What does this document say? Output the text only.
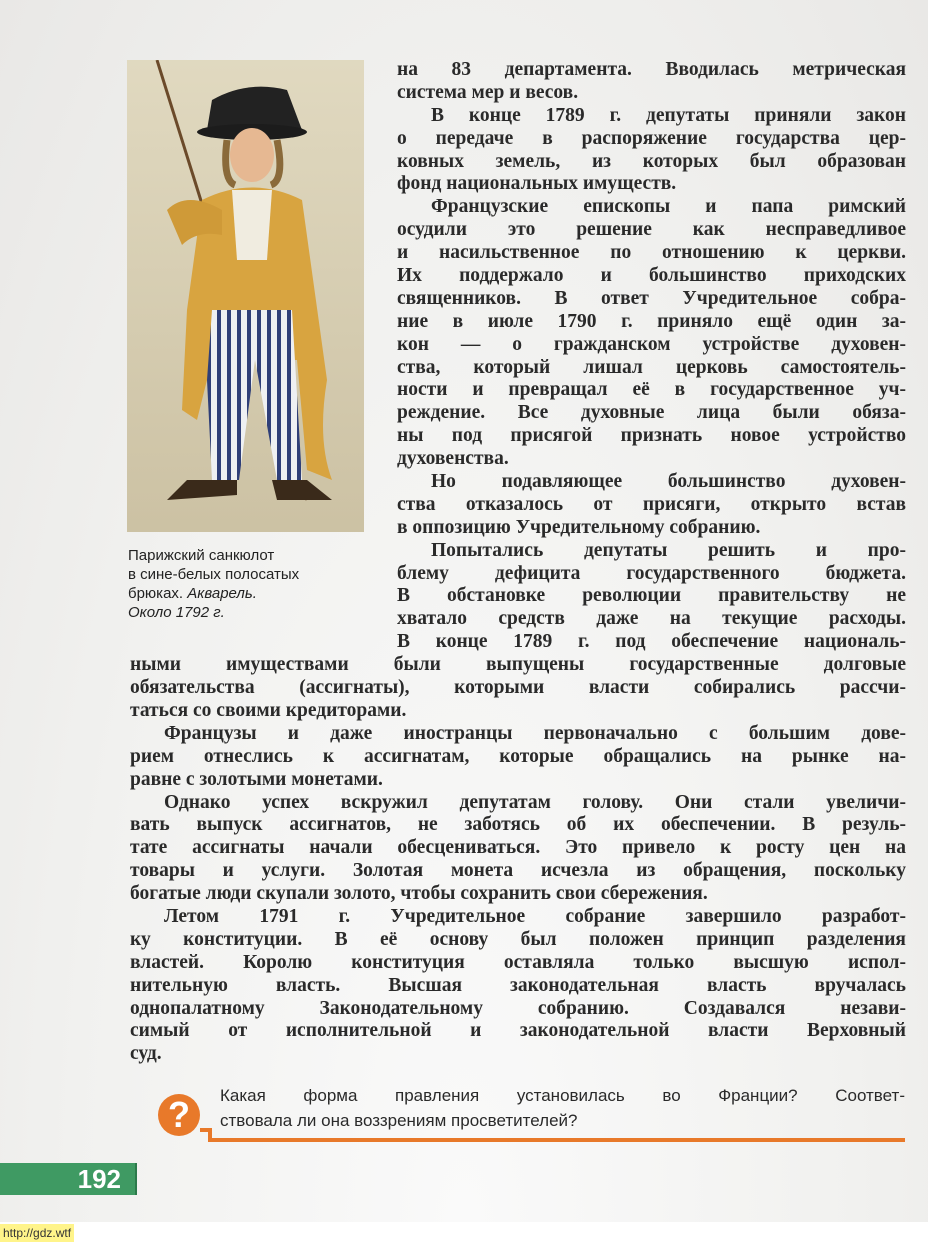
Парижский санкюлот
в сине-белых полосатых
брюках. Акварель.
Около 1792 г.
на 83 департамента. Вводилась метрическая
система мер и весов.
В конце 1789 г. депутаты приняли закон
о передаче в распоряжение государства цер-
ковных земель, из которых был образован
фонд национальных имуществ.
Французские епископы и папа римский
осудили это решение как несправедливое
и насильственное по отношению к церкви.
Их поддержало и большинство приходских
священников. В ответ Учредительное собра-
ние в июле 1790 г. приняло ещё один за-
кон — о гражданском устройстве духовен-
ства, который лишал церковь самостоятель-
ности и превращал её в государственное уч-
реждение. Все духовные лица были обяза-
ны под присягой признать новое устройство
духовенства.
Но подавляющее большинство духовен-
ства отказалось от присяги, открыто встав
в оппозицию Учредительному собранию.
Попытались депутаты решить и про-
блему дефицита государственного бюджета.
В обстановке революции правительству не
хватало средств даже на текущие расходы.
В конце 1789 г. под обеспечение националь-
ными имуществами были выпущены государственные долговые
обязательства (ассигнаты), которыми власти собирались рассчи-
таться со своими кредиторами.
Французы и даже иностранцы первоначально с большим дове-
рием отнеслись к ассигнатам, которые обращались на рынке на-
равне с золотыми монетами.
Однако успех вскружил депутатам голову. Они стали увеличи-
вать выпуск ассигнатов, не заботясь об их обеспечении. В резуль-
тате ассигнаты начали обесцениваться. Это привело к росту цен на
товары и услуги. Золотая монета исчезла из обращения, поскольку
богатые люди скупали золото, чтобы сохранить свои сбережения.
Летом 1791 г. Учредительное собрание завершило разработ-
ку конституции. В её основу был положен принцип разделения
властей. Королю конституция оставляла только высшую испол-
нительную власть. Высшая законодательная власть вручалась
однопалатному Законодательному собранию. Создавался незави-
симый от исполнительной и законодательной власти Верховный
суд.
?	Какая форма правления установилась во Франции? Соответ-
ствовала ли она воззрениям просветителей?
192
http://gdz.wtf
